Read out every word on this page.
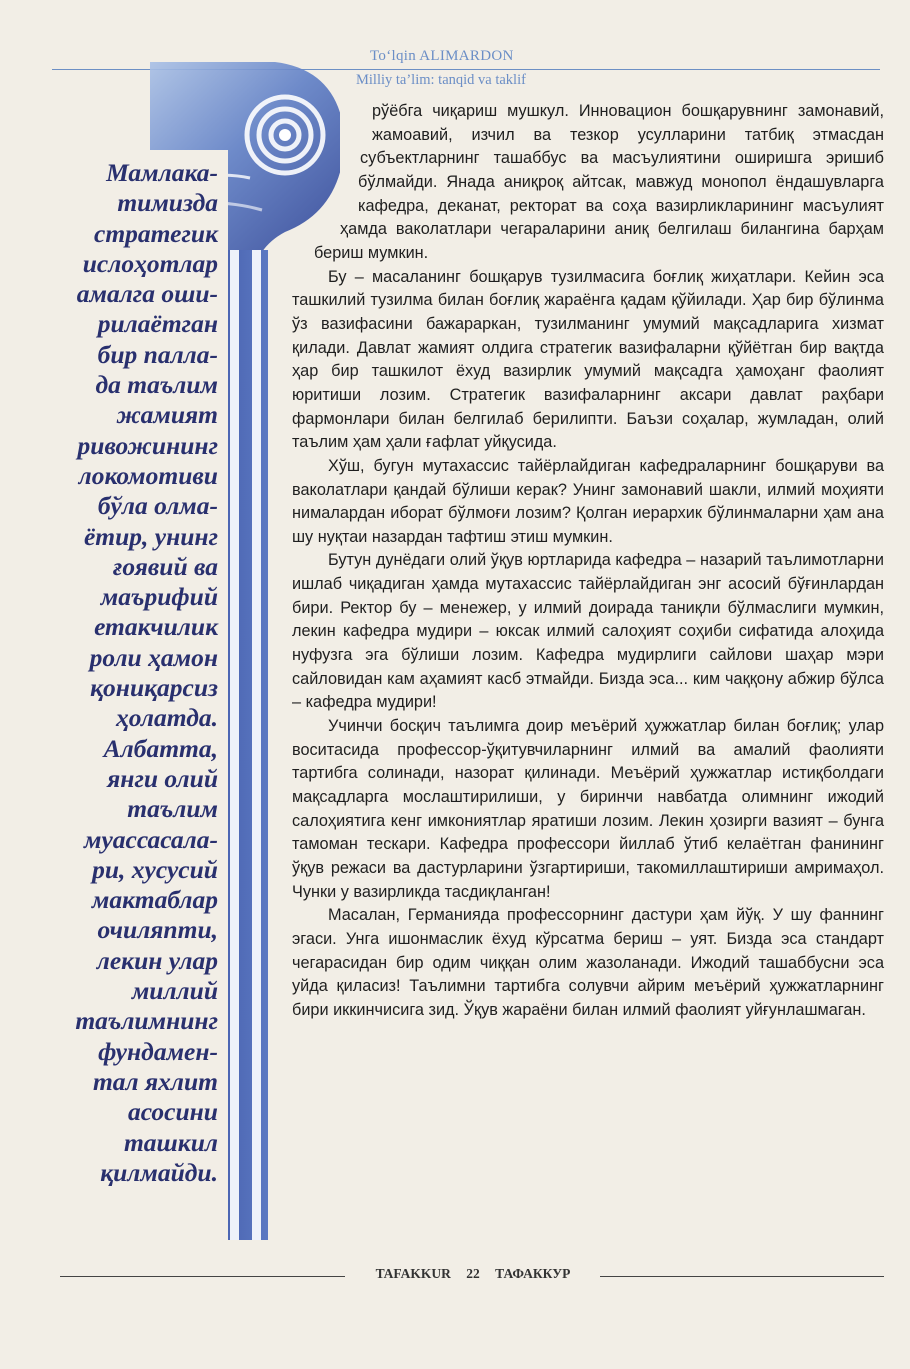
To‘lqin ALIMARDON
Milliy ta’lim: tanqid va taklif
Мамлака-
тимизда
стратегик
ислоҳотлар
амалга оши-
рилаётган
бир палла-
да таълим
жамият
ривожининг
локомотиви
бўла олма-
ётир, унинг
ғоявий ва
маърифий
етакчилик
роли ҳамон
қониқарсиз
ҳолатда.
Албатта,
янги олий
таълим
муассасала-
ри, хусусий
мактаблар
очиляпти,
лекин улар
миллий
таълимнинг
фундамен-
тал яхлит
асосини
ташкил
қилмайди.

рўёбга чиқариш мушкул. Инновацион бошқарувнинг замонавий, жамоавий, изчил ва тезкор усулларини татбиқ этмасдан субъектларнинг ташаббус ва масъулиятини оширишга эришиб бўлмайди. Янада аниқроқ айтсак, мавжуд монопол ёндашувларга кафедра, деканат, ректорат ва соҳа вазирликларининг масъулият ҳамда ваколатлари чегараларини аниқ белгилаш билангина барҳам бериш мумкин.

Бу – масаланинг бошқарув тузилмасига боғлиқ жиҳатлари. Кейин эса ташкилий тузилма билан боғлиқ жараёнга қадам қўйилади. Ҳар бир бўлинма ўз вазифасини бажараркан, тузилманинг умумий мақсадларига хизмат қилади. Давлат жамият олдига стратегик вазифаларни қўйётган бир вақтда ҳар бир ташкилот ёхуд вазирлик умумий мақсадга ҳамоҳанг фаолият юритиши лозим. Стратегик вазифаларнинг аксари давлат раҳбари фармонлари билан белгилаб берилипти. Баъзи соҳалар, жумладан, олий таълим ҳам ҳали ғафлат уйқусида.

Хўш, бугун мутахассис тайёрлайдиган кафедраларнинг бошқаруви ва ваколатлари қандай бўлиши керак? Унинг замонавий шакли, илмий моҳияти нималардан иборат бўлмоғи лозим? Қолган иерархик бўлинмаларни ҳам ана шу нуқтаи назардан тафтиш этиш мумкин.

Бутун дунёдаги олий ўқув юртларида кафедра – назарий таълимотларни ишлаб чиқадиган ҳамда мутахассис тайёрлайдиган энг асосий бўғинлардан бири. Ректор бу – менежер, у илмий доирада таниқли бўлмаслиги мумкин, лекин кафедра мудири – юксак илмий салоҳият соҳиби сифатида алоҳида нуфузга эга бўлиши лозим. Кафедра мудирлиги сайлови шаҳар мэри сайловидан кам аҳамият касб этмайди. Бизда эса... ким чаққону абжир бўлса – кафедра мудири!

Учинчи босқич таълимга доир меъёрий ҳужжатлар билан боғлиқ; улар воситасида профессор-ўқитувчиларнинг илмий ва амалий фаолияти тартибга солинади, назорат қилинади. Меъёрий ҳужжатлар истиқболдаги мақсадларга мослаштирилиши, у биринчи навбатда олимнинг ижодий салоҳиятига кенг имкониятлар яратиши лозим. Лекин ҳозирги вазият – бунга тамоман тескари. Кафедра профессори йиллаб ўтиб келаётган фанининг ўқув режаси ва дастурларини ўзгартириши, такомиллаштириши амримаҳол. Чунки у вазирликда тасдиқланган!

Масалан, Германияда профессорнинг дастури ҳам йўқ. У шу фаннинг эгаси. Унга ишонмаслик ёхуд кўрсатма бериш – уят. Бизда эса стандарт чегарасидан бир одим чиққан олим жазоланади. Ижодий ташаббусни эса уйда қиласиз! Таълимни тартибга солувчи айрим меъёрий ҳужжатларнинг бири иккинчисига зид. Ўқув жараёни билан илмий фаолият уйғунлашмаган.

TAFAKKUR 22 ТАФАККУР
